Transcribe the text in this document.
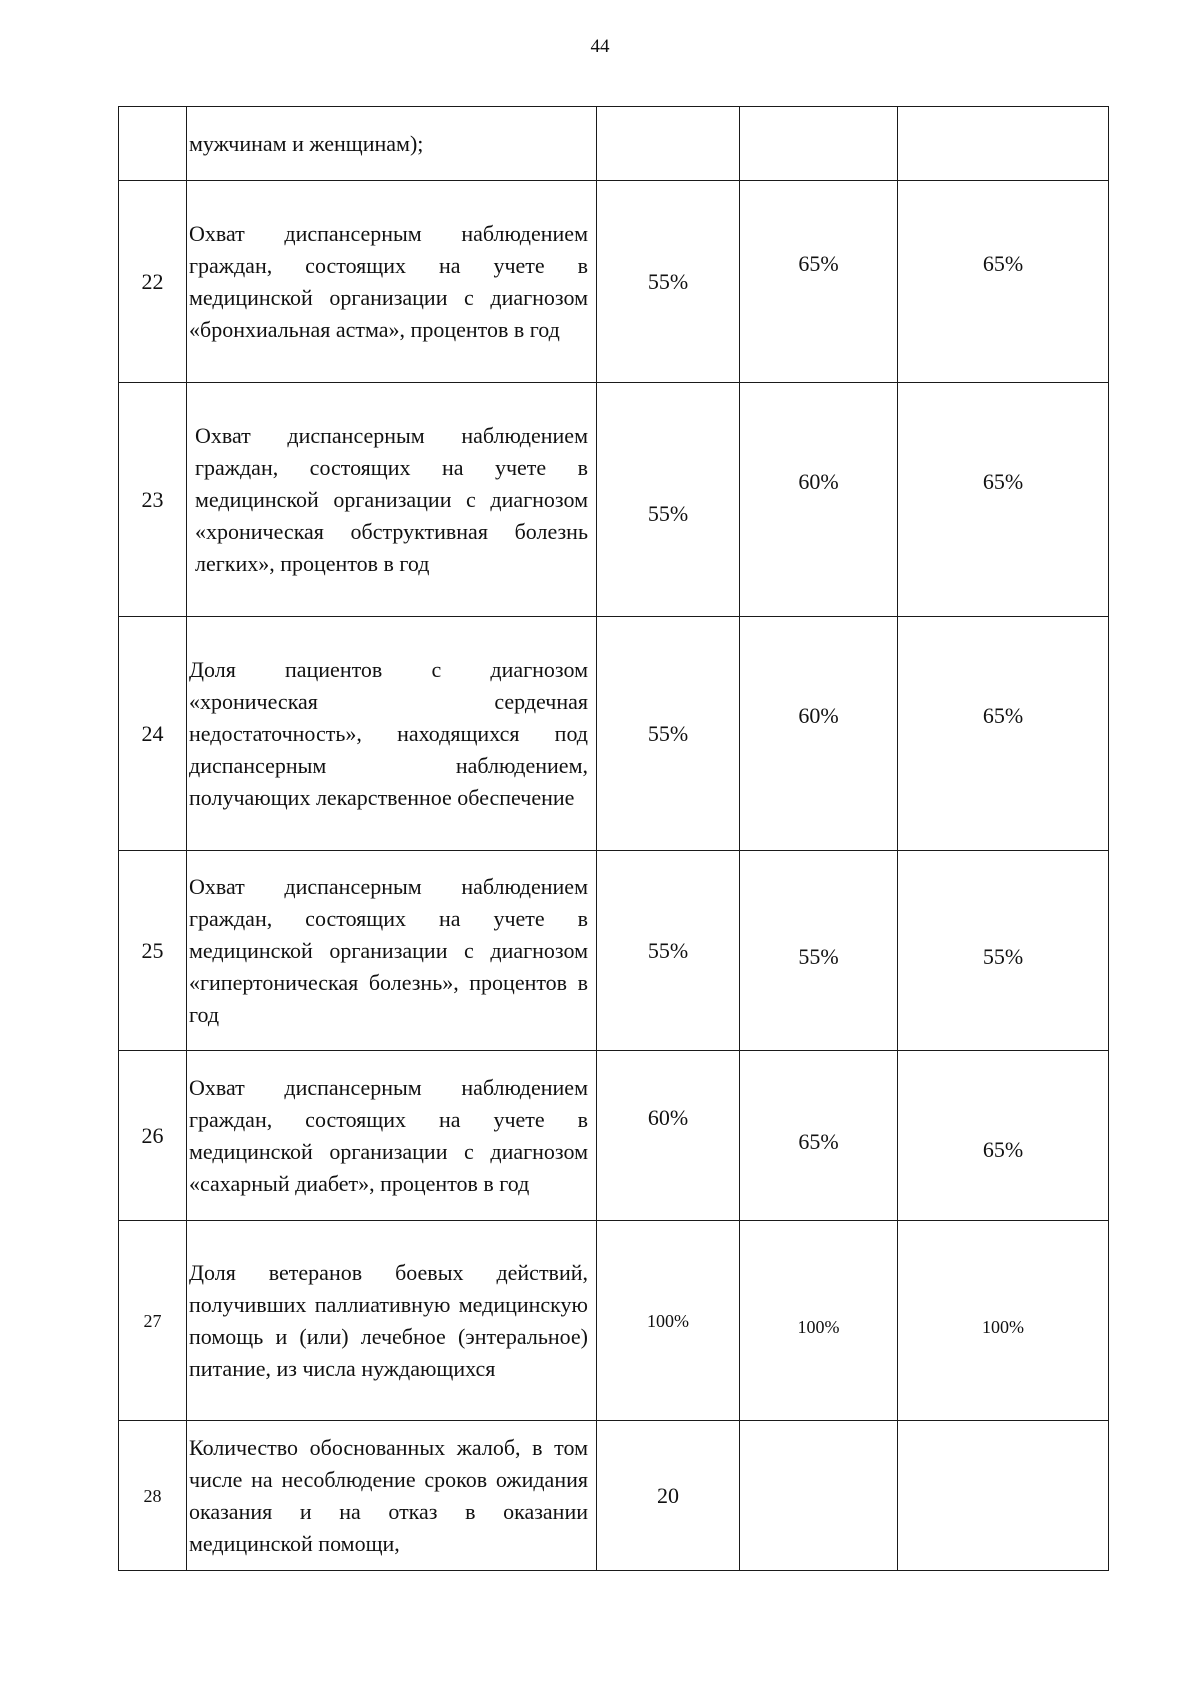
44
	мужчинам и женщинам);			
22	Охват диспансерным наблюдением граждан, состоящих на учете в медицинской организации с диагнозом «бронхиальная астма», процентов в год	55%	65%	65%
23	Охват диспансерным наблюдением граждан, состоящих на учете в медицинской организации с диагнозом «хроническая обструктивная болезнь легких», процентов в год	55%	60%	65%
24	Доля пациентов с диагнозом «хроническая сердечная недостаточность», находящихся под диспансерным наблюдением, получающих лекарственное обеспечение	55%	60%	65%
25	Охват диспансерным наблюдением граждан, состоящих на учете в медицинской организации с диагнозом «гипертоническая болезнь», процентов в год	55%	55%	55%
26	Охват диспансерным наблюдением граждан, состоящих на учете в медицинской организации с диагнозом «сахарный диабет», процентов в год	60%	65%	65%
27	Доля ветеранов боевых действий, получивших паллиативную медицинскую помощь и (или) лечебное (энтеральное) питание, из числа нуждающихся	100%	100%	100%
28	Количество обоснованных жалоб, в том числе на несоблюдение сроков ожидания оказания и на отказ в оказании медицинской помощи,	20		
